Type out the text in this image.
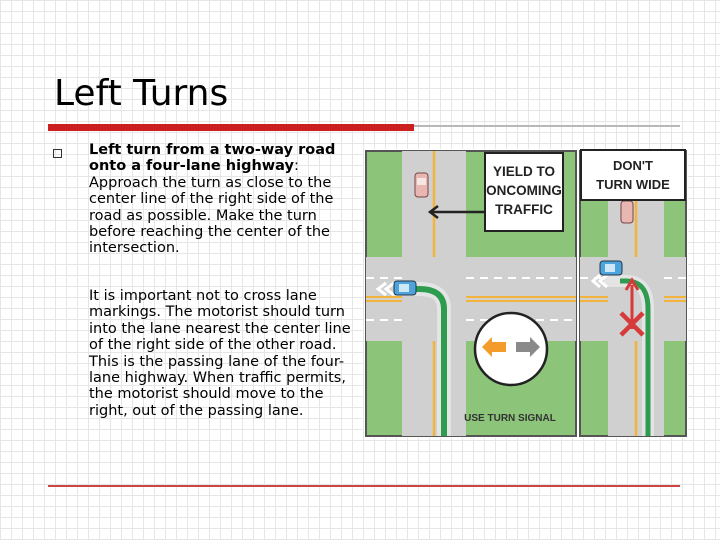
Left Turns
Left turn from a two-way road onto a four-lane highway: Approach the turn as close to the center line of the right side of the road as possible. Make the turn before reaching the center of the intersection.
It is important not to cross lane markings. The motorist should turn into the lane nearest the center line of the right side of the other road. This is the passing lane of the four-lane highway. When traffic permits, the motorist should move to the right, out of the passing lane.
YIELD TO
ONCOMING
TRAFFIC
USE TURN SIGNAL
DON'T
TURN WIDE
